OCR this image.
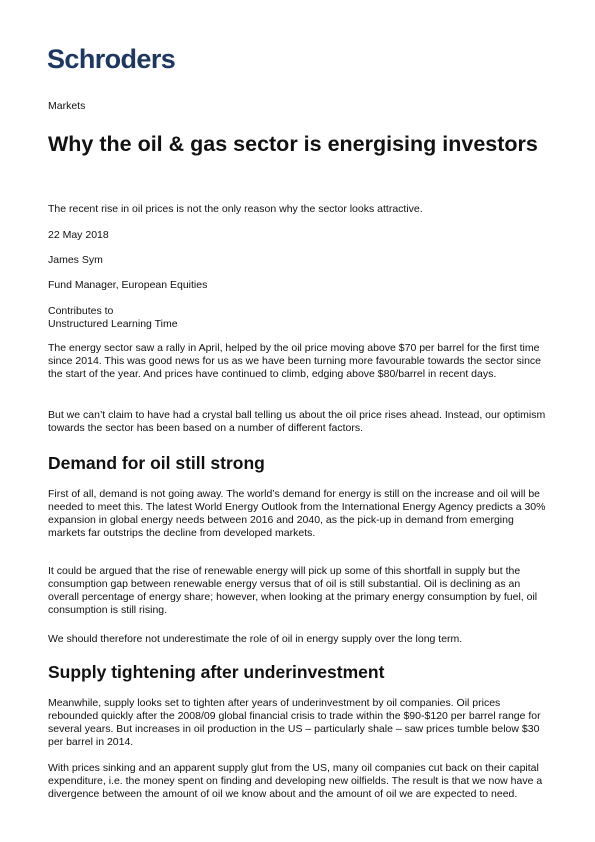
Schroders
Markets
Why the oil & gas sector is energising investors
The recent rise in oil prices is not the only reason why the sector looks attractive.
22 May 2018
James Sym
Fund Manager, European Equities
Contributes to
Unstructured Learning Time

The energy sector saw a rally in April, helped by the oil price moving above $70 per barrel for the first time since 2014. This was good news for us as we have been turning more favourable towards the sector since the start of the year. And prices have continued to climb, edging above $80/barrel in recent days.

But we can’t claim to have had a crystal ball telling us about the oil price rises ahead. Instead, our optimism towards the sector has been based on a number of different factors.

Demand for oil still strong

First of all, demand is not going away. The world’s demand for energy is still on the increase and oil will be needed to meet this. The latest World Energy Outlook from the International Energy Agency predicts a 30% expansion in global energy needs between 2016 and 2040, as the pick-up in demand from emerging markets far outstrips the decline from developed markets.

It could be argued that the rise of renewable energy will pick up some of this shortfall in supply but the consumption gap between renewable energy versus that of oil is still substantial. Oil is declining as an overall percentage of energy share; however, when looking at the primary energy consumption by fuel, oil consumption is still rising.

We should therefore not underestimate the role of oil in energy supply over the long term.

Supply tightening after underinvestment

Meanwhile, supply looks set to tighten after years of underinvestment by oil companies. Oil prices rebounded quickly after the 2008/09 global financial crisis to trade within the $90-$120 per barrel range for several years. But increases in oil production in the US – particularly shale – saw prices tumble below $30 per barrel in 2014.

With prices sinking and an apparent supply glut from the US, many oil companies cut back on their capital expenditure, i.e. the money spent on finding and developing new oilfields. The result is that we now have a divergence between the amount of oil we know about and the amount of oil we are expected to need.
